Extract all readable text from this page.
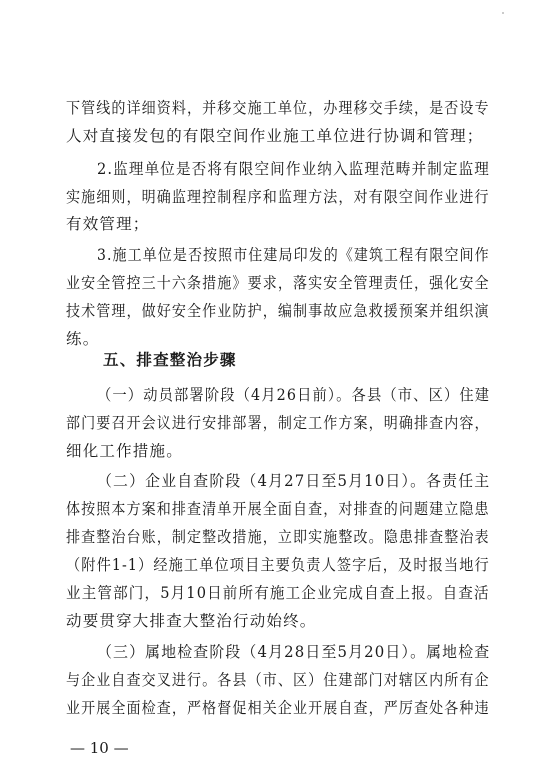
下管线的详细资料，并移交施工单位，办理移交手续，是否设专
人对直接发包的有限空间作业施工单位进行协调和管理；
2.监理单位是否将有限空间作业纳入监理范畴并制定监理
实施细则，明确监理控制程序和监理方法，对有限空间作业进行
有效管理；
3.施工单位是否按照市住建局印发的《建筑工程有限空间作
业安全管控三十六条措施》要求，落实安全管理责任，强化安全
技术管理，做好安全作业防护，编制事故应急救援预案并组织演
练。
五、排查整治步骤
（一）动员部署阶段（4月26日前）。各县（市、区）住建
部门要召开会议进行安排部署，制定工作方案，明确排查内容，
细化工作措施。
（二）企业自查阶段（4月27日至5月10日）。各责任主
体按照本方案和排查清单开展全面自查，对排查的问题建立隐患
排查整治台账，制定整改措施，立即实施整改。隐患排查整治表
（附件1-1）经施工单位项目主要负责人签字后，及时报当地行
业主管部门，5月10日前所有施工企业完成自查上报。自查活
动要贯穿大排查大整治行动始终。
（三）属地检查阶段（4月28日至5月20日）。属地检查
与企业自查交叉进行。各县（市、区）住建部门对辖区内所有企
业开展全面检查，严格督促相关企业开展自查，严厉查处各种违
— 10 —
